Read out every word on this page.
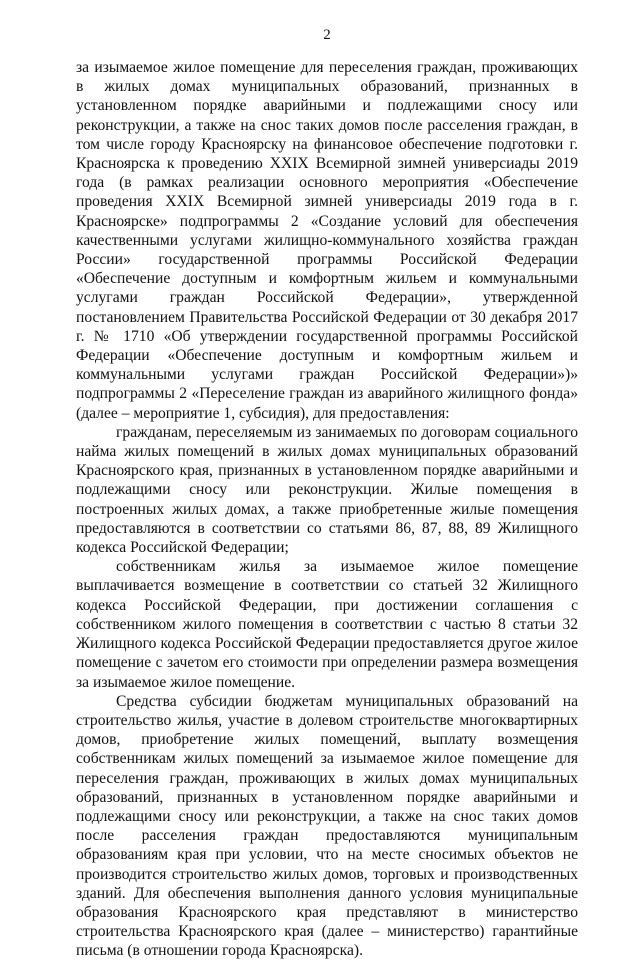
2

за изымаемое жилое помещение для переселения граждан, проживающих в жилых домах муниципальных образований, признанных в установленном порядке аварийными и подлежащими сносу или реконструкции, а также на снос таких домов после расселения граждан, в том числе городу Красноярску на финансовое обеспечение подготовки г. Красноярска к проведению XXIX Всемирной зимней универсиады 2019 года (в рамках реализации основного мероприятия «Обеспечение проведения XXIX Всемирной зимней универсиады 2019 года в г. Красноярске» подпрограммы 2 «Создание условий для обеспечения качественными услугами жилищно-коммунального хозяйства граждан России» государственной программы Российской Федерации «Обеспечение доступным и комфортным жильем и коммунальными услугами граждан Российской Федерации», утвержденной постановлением Правительства Российской Федерации от 30 декабря 2017 г. № 1710 «Об утверждении государственной программы Российской Федерации «Обеспечение доступным и комфортным жильем и коммунальными услугами граждан Российской Федерации»)» подпрограммы 2 «Переселение граждан из аварийного жилищного фонда» (далее – мероприятие 1, субсидия), для предоставления:

гражданам, переселяемым из занимаемых по договорам социального найма жилых помещений в жилых домах муниципальных образований Красноярского края, признанных в установленном порядке аварийными и подлежащими сносу или реконструкции. Жилые помещения в построенных жилых домах, а также приобретенные жилые помещения предоставляются в соответствии со статьями 86, 87, 88, 89 Жилищного кодекса Российской Федерации;

собственникам жилья за изымаемое жилое помещение выплачивается возмещение в соответствии со статьей 32 Жилищного кодекса Российской Федерации, при достижении соглашения с собственником жилого помещения в соответствии с частью 8 статьи 32 Жилищного кодекса Российской Федерации предоставляется другое жилое помещение с зачетом его стоимости при определении размера возмещения за изымаемое жилое помещение.

Средства субсидии бюджетам муниципальных образований на строительство жилья, участие в долевом строительстве многоквартирных домов, приобретение жилых помещений, выплату возмещения собственникам жилых помещений за изымаемое жилое помещение для переселения граждан, проживающих в жилых домах муниципальных образований, признанных в установленном порядке аварийными и подлежащими сносу или реконструкции, а также на снос таких домов после расселения граждан предоставляются муниципальным образованиям края при условии, что на месте сносимых объектов не производится строительство жилых домов, торговых и производственных зданий. Для обеспечения выполнения данного условия муниципальные образования Красноярского края представляют в министерство строительства Красноярского края (далее – министерство) гарантийные письма (в отношении города Красноярска).
